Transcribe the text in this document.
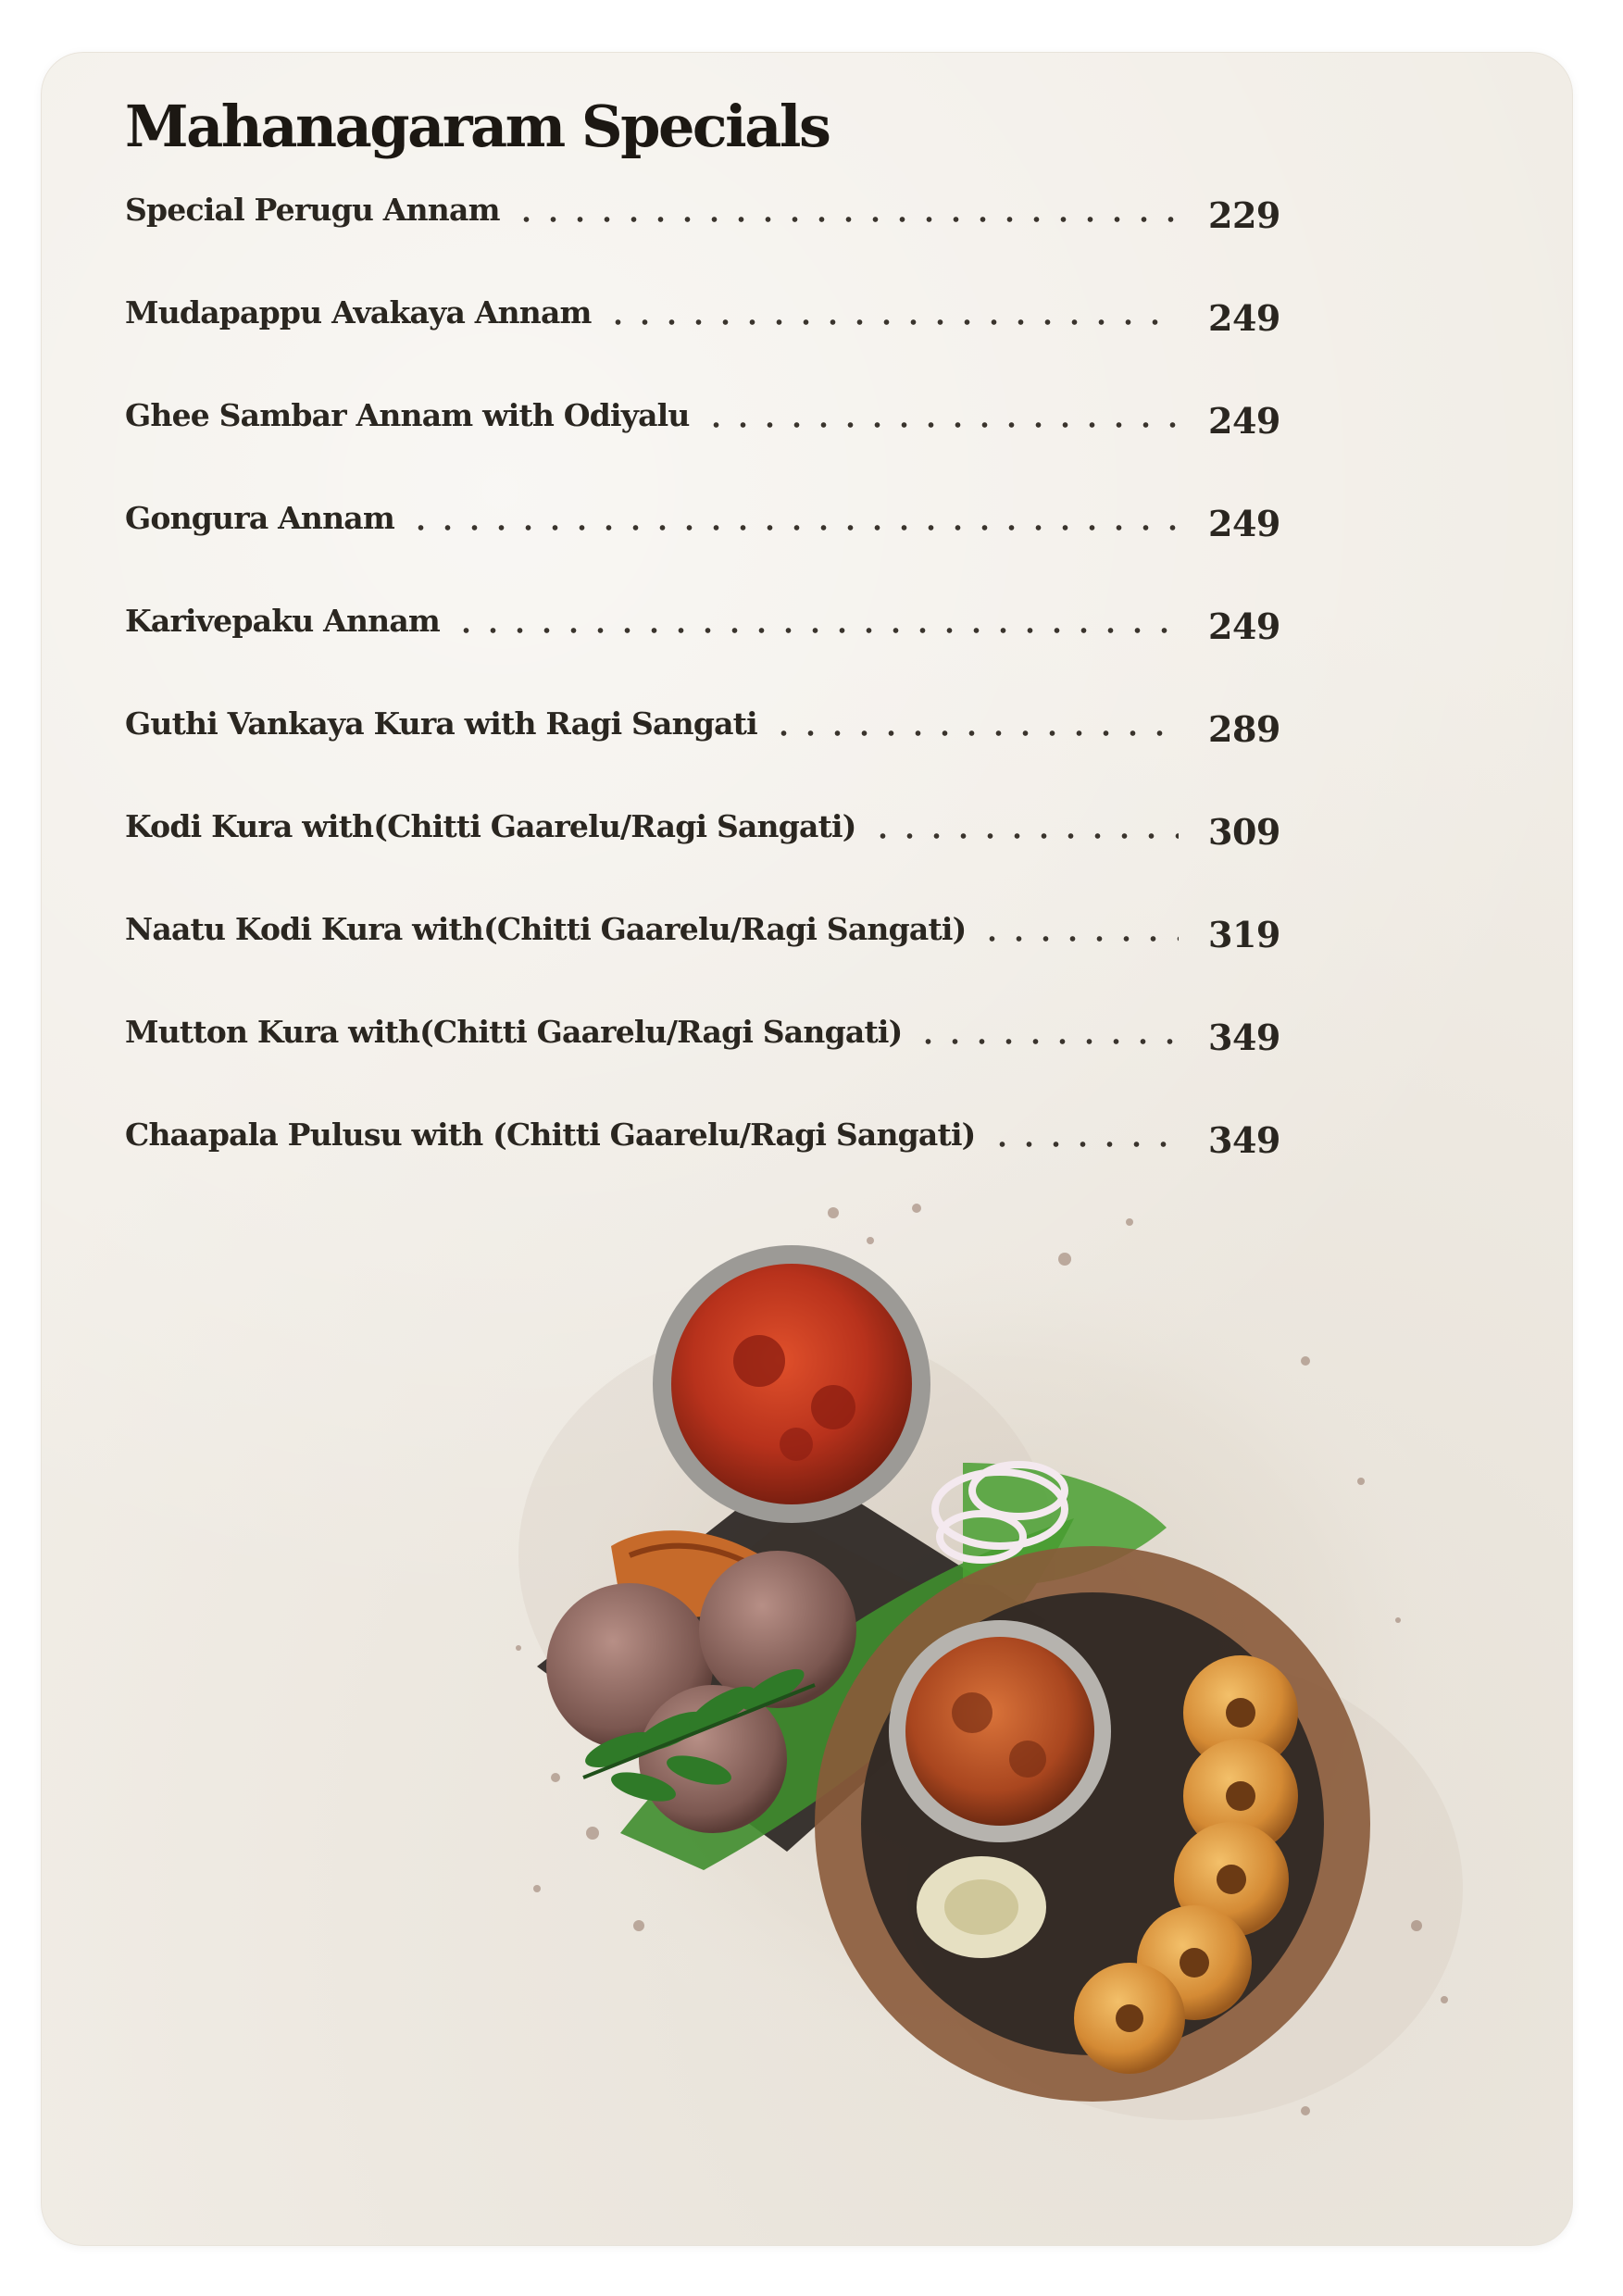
Mahanagaram Specials
Special Perugu Annam	229
Mudapappu Avakaya Annam	249
Ghee Sambar Annam with Odiyalu	249
Gongura Annam	249
Karivepaku Annam	249
Guthi Vankaya Kura with Ragi Sangati	289
Kodi Kura with(Chitti Gaarelu/Ragi Sangati)	309
Naatu Kodi Kura with(Chitti Gaarelu/Ragi Sangati)	319
Mutton Kura with(Chitti Gaarelu/Ragi Sangati)	349
Chaapala Pulusu with (Chitti Gaarelu/Ragi Sangati)	349
